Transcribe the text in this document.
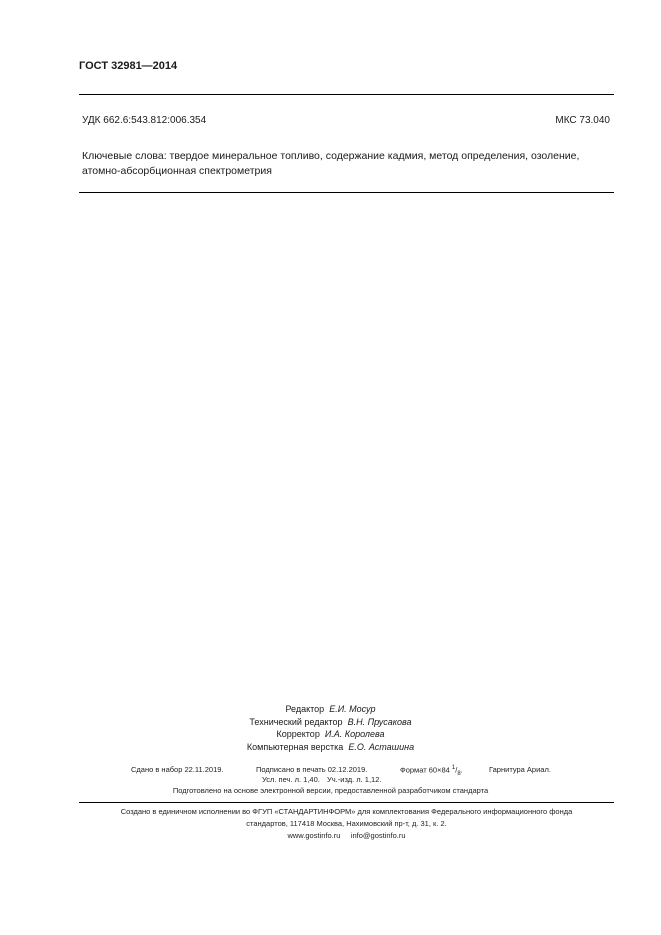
ГОСТ 32981—2014
УДК 662.6:543.812:006.354	МКС 73.040
Ключевые слова: твердое минеральное топливо, содержание кадмия, метод определения, озоление, атомно-абсорбционная спектрометрия
Редактор Е.И. Мосур
Технический редактор В.Н. Прусакова
Корректор И.А. Королева
Компьютерная верстка Е.О. Асташина
Сдано в набор 22.11.2019.	Подписано в печать 02.12.2019.	Формат 60×84 $^1/_8$.	Гарнитура Ариал.
Усл. печ. л. 1,40. Уч.-изд. л. 1,12.
Подготовлено на основе электронной версии, предоставленной разработчиком стандарта
Создано в единичном исполнении во ФГУП «СТАНДАРТИНФОРМ» для комплектования Федерального информационного фонда
стандартов, 117418 Москва, Нахимовский пр-т, д. 31, к. 2.
www.gostinfo.ru info@gostinfo.ru
